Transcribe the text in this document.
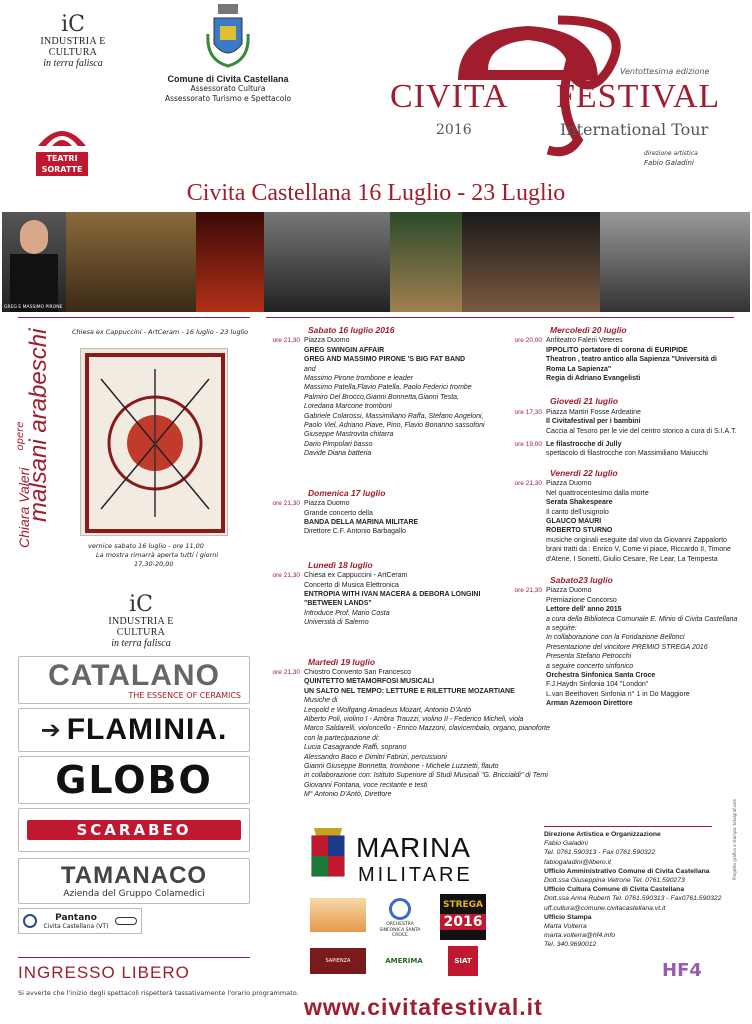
iC
INDUSTRIA E CULTURA
in terra falisca
Comune di Civita Castellana
Assessorato Cultura
Assessorato Turismo e Spettacolo
TEATRI SORATTE
Ventottesima edizione
CIVITA FESTIVAL
2016	International Tour
direzione artistica
Fabio Galadini
Civita Castellana 16 Luglio - 23 Luglio
GREG E MASSIMO PIRONE
Chiara Valeri $^{opere}$ malsani arabeschi	Chiesa ex Cappuccini - ArtCeram - 16 luglio - 23 luglio
vernice sabato 16 luglio - ore 11,00
La mostra rimarrà aperta tutti i giorni
17,30-20,00
iC
INDUSTRIA E CULTURA
in terra falisca
CATALANO
THE ESSENCE OF CERAMICS
➔ FLAMINIA.
GLOBO
SCARABEO
TAMANACO
Azienda del Gruppo Colamedici
Pantano
Civita Castellana (VT)
INGRESSO LIBERO
Si avverte che l'inizio degli spettacoli rispetterà tassativamente l'orario programmato.
Sabato 16 luglio 2016
ore 21,30 Piazza Duomo
GREG SWINGIN AFFAIR
GREG AND MASSIMO PIRONE 'S BIG FAT BAND
and
Massimo Pirone trombone e leader
Massimo Patella,Flavio Patella, Paolo Federici trombe
Palmiro Del Brocco,Gianni Bonnetta,Gianni Testa,
Loredana Marcone tromboni
Gabriele Colarossi, Massimiliano Raffa, Stefano Angeloni,
Paolo Viel, Adriano Piave, Pino, Flavio Bonanno sassofoni
Giuseppe Mastrovita chitarra
Dario Pimpolari basso
Davide Diana batteria
Domenica 17 luglio
ore 21,30 Piazza Duomo
Grande concerto della
BANDA DELLA MARINA MILITARE
Direttore C.F. Antonio Barbagallo
Lunedì 18 luglio
ore 21,30 Chiesa ex Cappuccini - ArtCeram
Concerto di Musica Elettronica
ENTROPIA WITH IVAN MACERA & DEBORA LONGINI
"BETWEEN LANDS"
Introduce Prof. Mario Costa
Università di Salerno
Martedì 19 luglio
ore 21,30 Chiostro Convento San Francesco
QUINTETTO METAMORFOSI MUSICALI
UN SALTO NEL TEMPO: LETTURE E RILETTURE MOZARTIANE
Musiche di
Leopold e Wolfgang Amadeus Mozart, Antonio D'Antò
Alberto Poli, violino I - Ambra Trauzzi, violino II - Federico Micheli, viola
Marco Saldarelli, violoncello - Enrico Mazzoni, clavicembalo, organo, pianoforte
con la partecipazione di:
Lucia Casagrande Raffi, soprano
Alessandro Baco e Dimitri Fabrizi, percussioni
Gianni Giuseppe Bonnetta, trombone - Michele Luzzietti, flauto
in collaborazione con: Istituto Superiore di Studi Musicali "G. Briccialdi" di Terni
Giovanni Fontana, voce recitante e testi
M° Antonio D'Antò, Direttore
Mercoledì 20 luglio
ore 20,00 Anfiteatro Falerii Veteres
IPPOLITO portatore di corona di EURIPIDE
Theatron , teatro antico alla Sapienza "Università di
Roma La Sapienza"
Regia di Adriano Evangelisti
Giovedì 21 luglio
ore 17,30 Piazza Martiri Fosse Ardeatine
Il Civitafestival per i bambini
Caccia al Tesoro per le vie del centro storico a cura di S.I.A.T.
ore 19,00 Le filastrocche di Jully
spettacolo di filastrocche con Massimiliano Maiucchi
Venerdì 22 luglio
ore 21,30 Piazza Duomo
Nel quattrocentesimo dalla morte
Serata Shakespeare
Il canto dell'usignolo
GLAUCO MAURI
ROBERTO STURNO
musiche originali eseguite dal vivo da Giovanni Zappalorto
brani tratti da : Enrico V, Come vi piace, Riccardo II, Timone
d'Atene, I Sonetti, Giulio Cesare, Re Lear, La Tempesta
Sabato23 luglio
ore 21,30 Piazza Duomo
Premiazione Concorso
Lettore dell' anno 2015
a cura della Biblioteca Comunale E. Minio di Civita Castellana
a seguire:
In collaborazione con la Fondazione Bellonci
Presentazione del vincitore PREMIO STREGA 2016
Presenta Stefano Petrocchi
a seguire concerto sinfonico
Orchestra Sinfonica Santa Croce
F.J.Haydn Sinfonia 104 "London"
L.van Beethoven Sinfonia n° 1 in Do Maggiore
Arman Azemoon Direttore
MARINA
MILITARE
ORCHESTRA SINFONICA SANTA CROCE
STREGA
2016
SAPIENZA	AMERIMA	SIAT
Direzione Artistica e Organizzazione
Fabio Galadini
Tel. 0761.590313 - Fax 0761.590322
fabiogaladini@libero.it
Ufficio Amministrativo Comune di Civita Castellana
Dott.ssa Giuseppina Vetrone Tel. 0761.590273
Ufficio Cultura Comune di Civita Castellana
Dott.ssa Anna Ruberti Tel. 0761.590313 - Fax0761.590322
uff.cultura@comune.civitacastellana.vt.it
Ufficio Stampa
Marta Volterra
marta.volterra@hf4.info
Tel. 340.9690012
HF4
Progetto grafico e stampa: totalgraf.com
www.civitafestival.it
